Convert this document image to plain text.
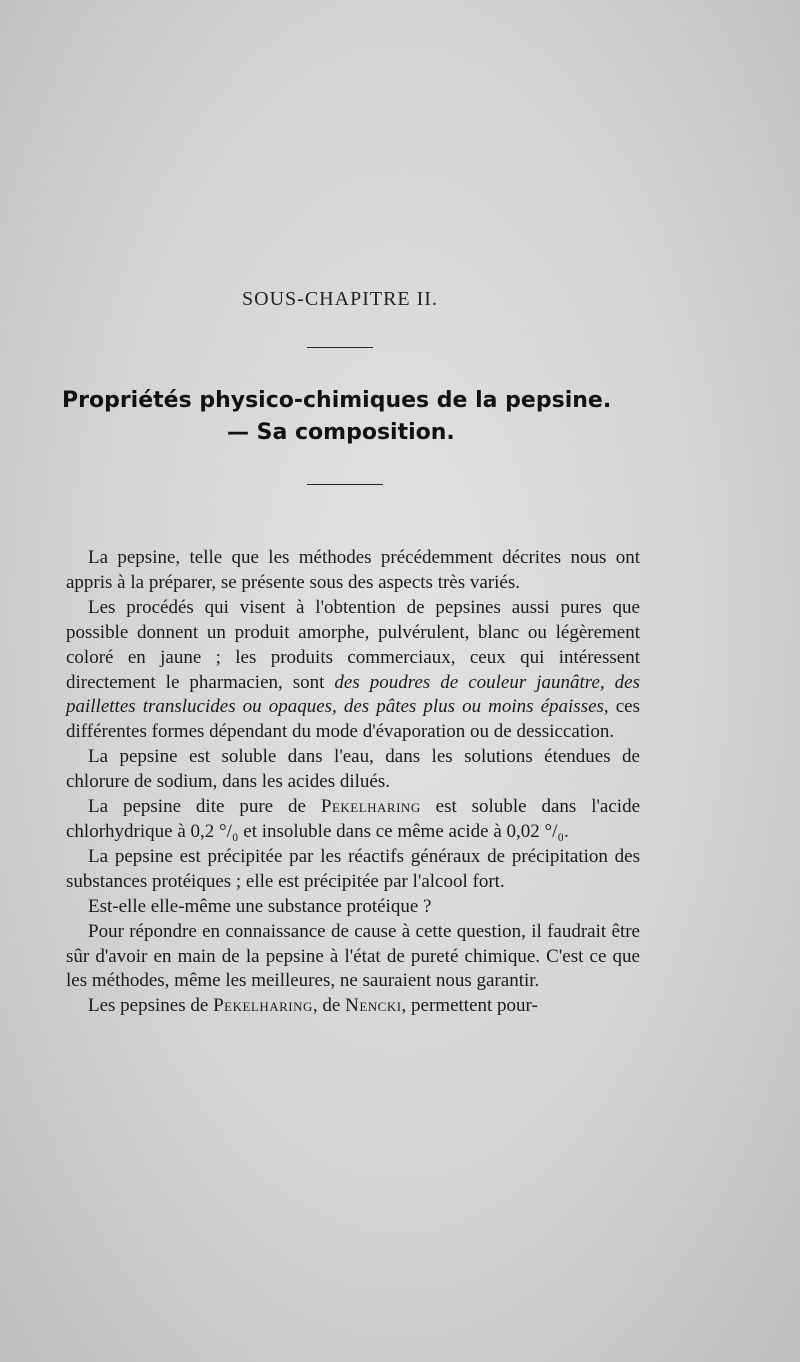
SOUS-CHAPITRE II.
Propriétés physico-chimiques de la pepsine.
— Sa composition.

La pepsine, telle que les méthodes précédemment décrites nous ont appris à la préparer, se présente sous des aspects très variés.

Les procédés qui visent à l'obtention de pepsines aussi pures que possible donnent un produit amorphe, pulvérulent, blanc ou légèrement coloré en jaune ; les produits commerciaux, ceux qui intéressent directement le pharmacien, sont des poudres de couleur jaunâtre, des paillettes translucides ou opaques, des pâtes plus ou moins épaisses, ces différentes formes dépendant du mode d'évaporation ou de dessiccation.

La pepsine est soluble dans l'eau, dans les solutions étendues de chlorure de sodium, dans les acides dilués.

La pepsine dite pure de Pekelharing est soluble dans l'acide chlorhydrique à 0,2 °/₀ et insoluble dans ce même acide à 0,02 °/₀.

La pepsine est précipitée par les réactifs généraux de précipitation des substances protéiques ; elle est précipitée par l'alcool fort.

Est-elle elle-même une substance protéique ?

Pour répondre en connaissance de cause à cette question, il faudrait être sûr d'avoir en main de la pepsine à l'état de pureté chimique. C'est ce que les méthodes, même les meilleures, ne sauraient nous garantir.

Les pepsines de Pekelharing, de Nencki, permettent pour-
